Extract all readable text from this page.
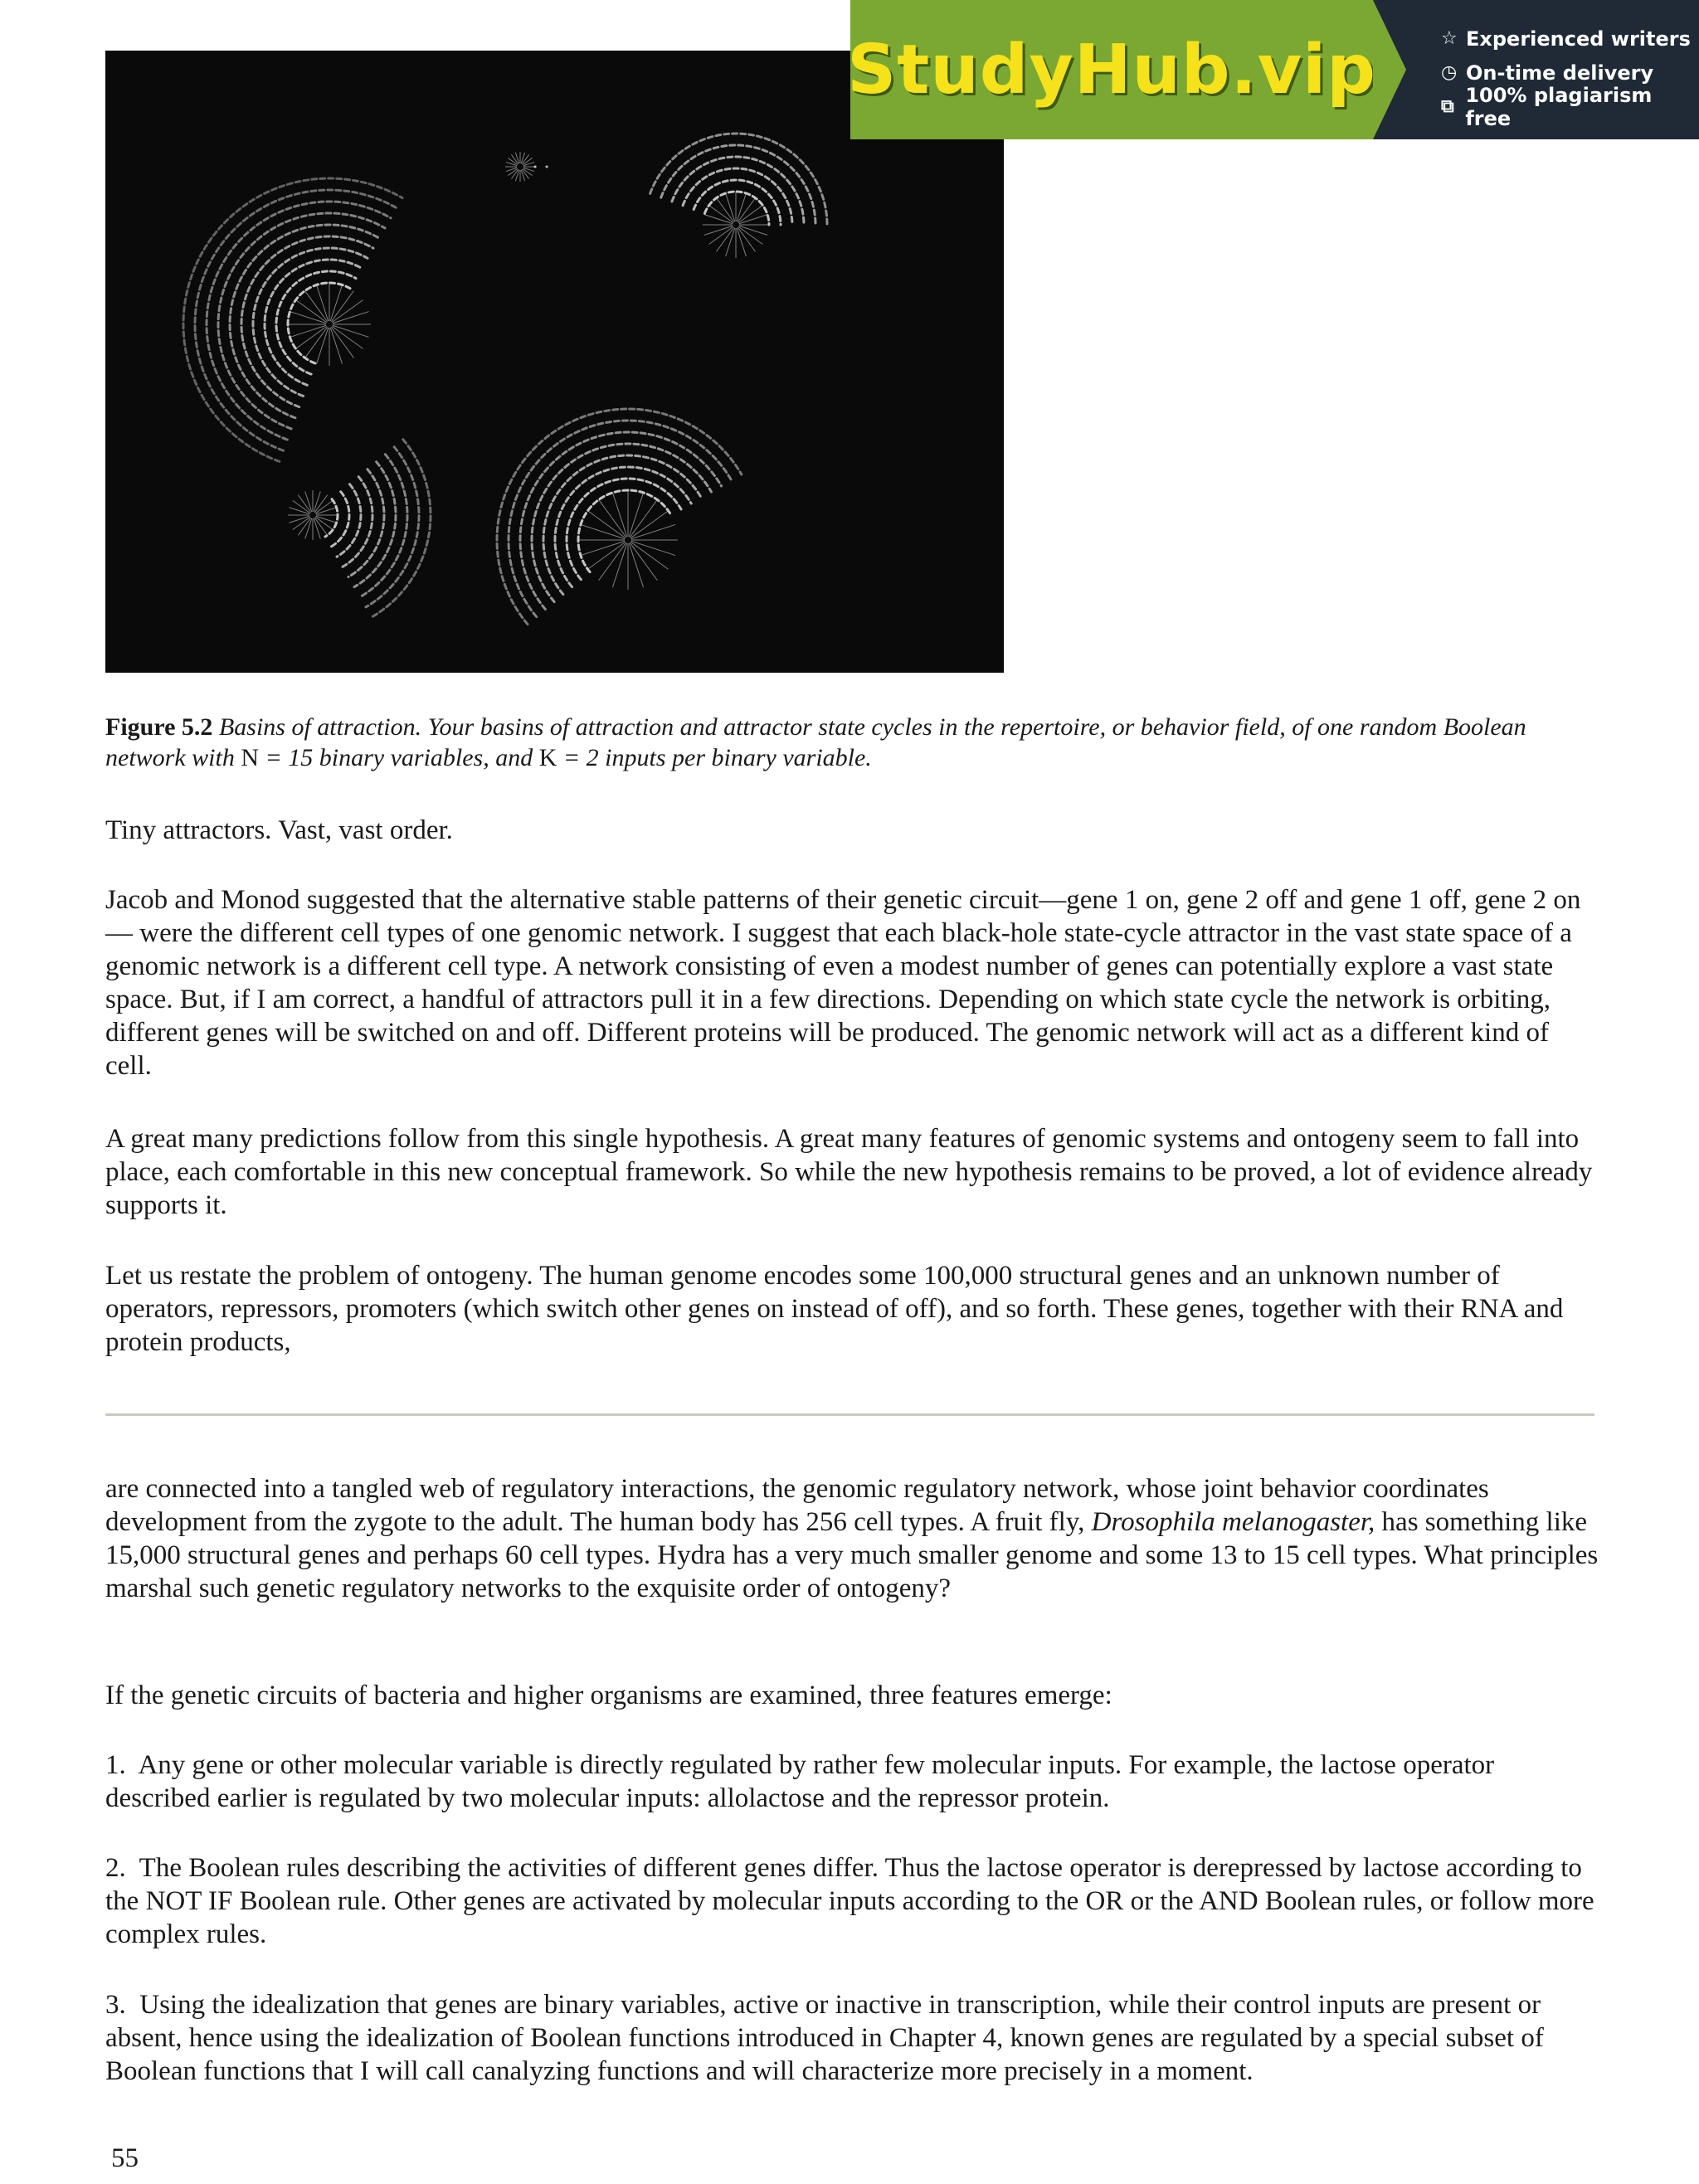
StudyHub.vip	☆ Experienced writers
◷ On-time delivery
⧉ 100% plagiarism free
Figure 5.2 Basins of attraction. Your basins of attraction and attractor state cycles in the repertoire, or behavior field, of one random Boolean network with N = 15 binary variables, and K = 2 inputs per binary variable.

Tiny attractors. Vast, vast order.

Jacob and Monod suggested that the alternative stable patterns of their genetic circuit—gene 1 on, gene 2 off and gene 1 off, gene 2 on— were the different cell types of one genomic network. I suggest that each black-hole state-cycle attractor in the vast state space of a genomic network is a different cell type. A network consisting of even a modest number of genes can potentially explore a vast state space. But, if I am correct, a handful of attractors pull it in a few directions. Depending on which state cycle the network is orbiting, different genes will be switched on and off. Different proteins will be produced. The genomic network will act as a different kind of cell.

A great many predictions follow from this single hypothesis. A great many features of genomic systems and ontogeny seem to fall into place, each comfortable in this new conceptual framework. So while the new hypothesis remains to be proved, a lot of evidence already supports it.

Let us restate the problem of ontogeny. The human genome encodes some 100,000 structural genes and an unknown number of operators, repressors, promoters (which switch other genes on instead of off), and so forth. These genes, together with their RNA and protein products,

are connected into a tangled web of regulatory interactions, the genomic regulatory network, whose joint behavior coordinates development from the zygote to the adult. The human body has 256 cell types. A fruit fly, Drosophila melanogaster, has something like 15,000 structural genes and perhaps 60 cell types. Hydra has a very much smaller genome and some 13 to 15 cell types. What principles marshal such genetic regulatory networks to the exquisite order of ontogeny?

If the genetic circuits of bacteria and higher organisms are examined, three features emerge:

1. Any gene or other molecular variable is directly regulated by rather few molecular inputs. For example, the lactose operator described earlier is regulated by two molecular inputs: allolactose and the repressor protein.

2. The Boolean rules describing the activities of different genes differ. Thus the lactose operator is derepressed by lactose according to the NOT IF Boolean rule. Other genes are activated by molecular inputs according to the OR or the AND Boolean rules, or follow more complex rules.

3. Using the idealization that genes are binary variables, active or inactive in transcription, while their control inputs are present or absent, hence using the idealization of Boolean functions introduced in Chapter 4, known genes are regulated by a special subset of Boolean functions that I will call canalyzing functions and will characterize more precisely in a moment.

55
